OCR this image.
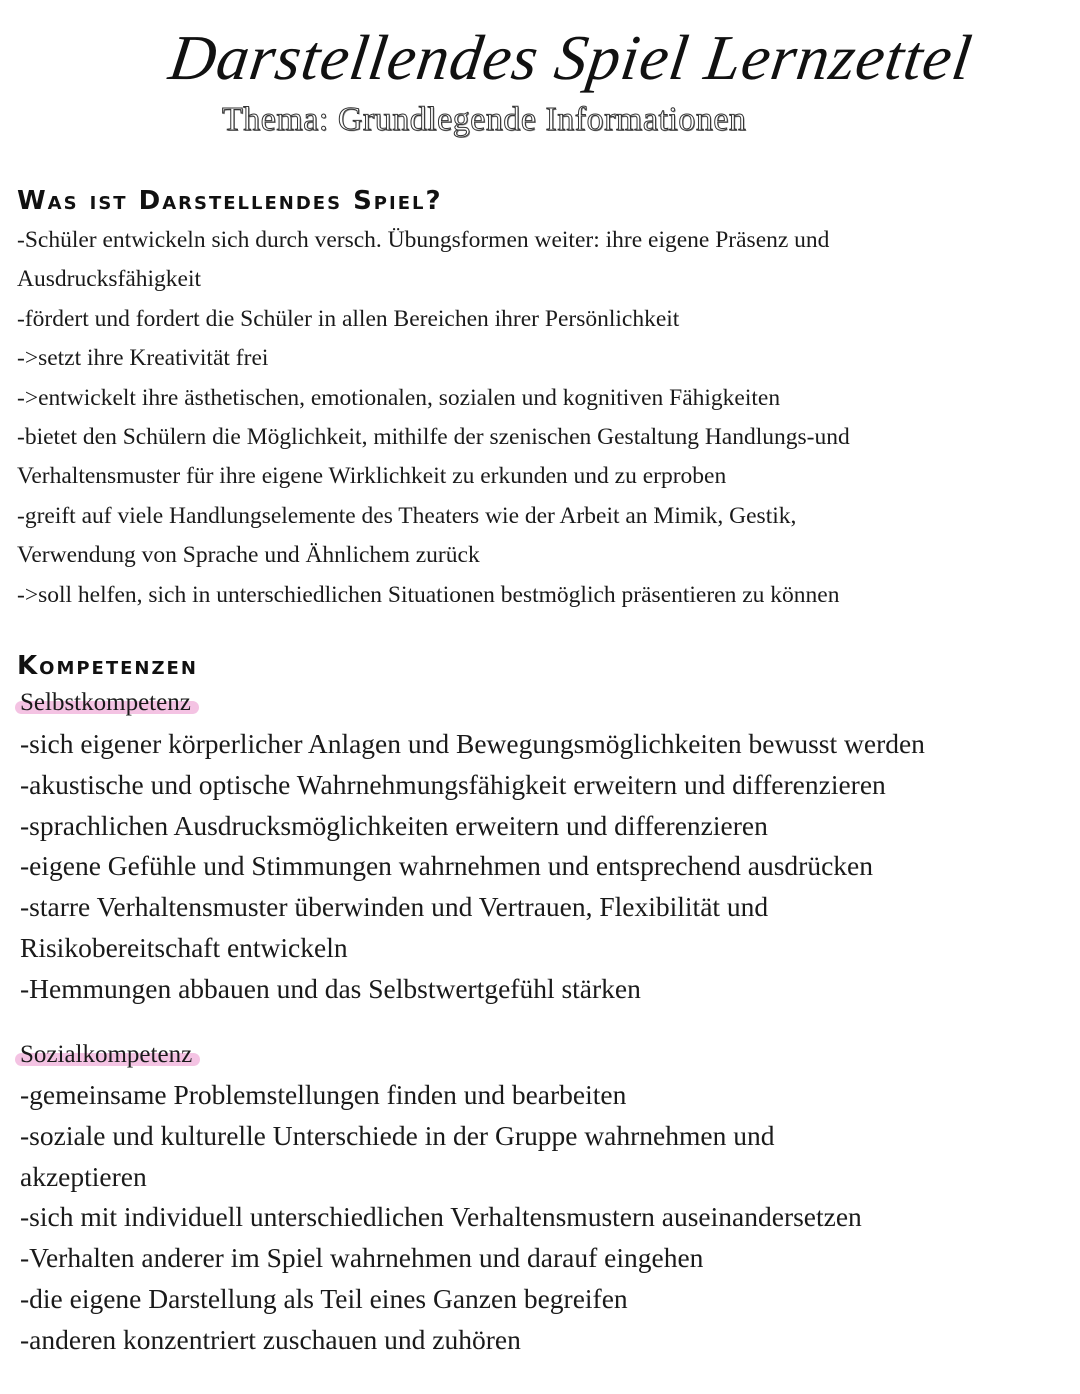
Darstellendes Spiel Lernzettel
Thema: Grundlegende Informationen
Was ist Darstellendes Spiel?
-Schüler entwickeln sich durch versch. Übungsformen weiter: ihre eigene Präsenz und
Ausdrucksfähigkeit
-fördert und fordert die Schüler in allen Bereichen ihrer Persönlichkeit
->setzt ihre Kreativität frei
->entwickelt ihre ästhetischen, emotionalen, sozialen und kognitiven Fähigkeiten
-bietet den Schülern die Möglichkeit, mithilfe der szenischen Gestaltung Handlungs-und
Verhaltensmuster für ihre eigene Wirklichkeit zu erkunden und zu erproben
-greift auf viele Handlungselemente des Theaters wie der Arbeit an Mimik, Gestik,
Verwendung von Sprache und Ähnlichem zurück
->soll helfen, sich in unterschiedlichen Situationen bestmöglich präsentieren zu können
Kompetenzen
Selbstkompetenz
-sich eigener körperlicher Anlagen und Bewegungsmöglichkeiten bewusst werden
-akustische und optische Wahrnehmungsfähigkeit erweitern und differenzieren
-sprachlichen Ausdrucksmöglichkeiten erweitern und differenzieren
-eigene Gefühle und Stimmungen wahrnehmen und entsprechend ausdrücken
-starre Verhaltensmuster überwinden und Vertrauen, Flexibilität und
Risikobereitschaft entwickeln
-Hemmungen abbauen und das Selbstwertgefühl stärken
Sozialkompetenz
-gemeinsame Problemstellungen finden und bearbeiten
-soziale und kulturelle Unterschiede in der Gruppe wahrnehmen und
akzeptieren
-sich mit individuell unterschiedlichen Verhaltensmustern auseinandersetzen
-Verhalten anderer im Spiel wahrnehmen und darauf eingehen
-die eigene Darstellung als Teil eines Ganzen begreifen
-anderen konzentriert zuschauen und zuhören
